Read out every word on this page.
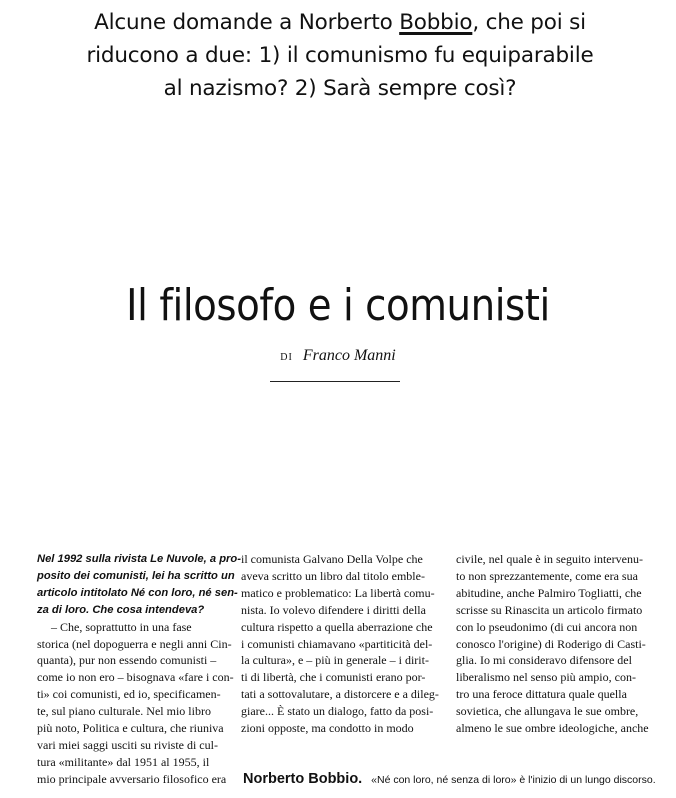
Alcune domande a Norberto Bobbio, che poi si
riducono a due: 1) il comunismo fu equiparabile
al nazismo? 2) Sarà sempre così?
Il filosofo e i comunisti
DI Franco Manni
Nel 1992 sulla rivista Le Nuvole, a pro-
posito dei comunisti, lei ha scritto un
articolo intitolato Né con loro, né sen-
za di loro. Che cosa intendeva?
– Che, soprattutto in una fase
storica (nel dopoguerra e negli anni Cin-
quanta), pur non essendo comunisti –
come io non ero – bisognava «fare i con-
ti» coi comunisti, ed io, specificamen-
te, sul piano culturale. Nel mio libro
più noto, Politica e cultura, che riuniva
vari miei saggi usciti su riviste di cul-
tura «militante» dal 1951 al 1955, il
mio principale avversario filosofico era
il comunista Galvano Della Volpe che
aveva scritto un libro dal titolo emble-
matico e problematico: La libertà comu-
nista. Io volevo difendere i diritti della
cultura rispetto a quella aberrazione che
i comunisti chiamavano «partiticità del-
la cultura», e – più in generale – i dirit-
ti di libertà, che i comunisti erano por-
tati a sottovalutare, a distorcere e a dileg-
giare... È stato un dialogo, fatto da posi-
zioni opposte, ma condotto in modo
civile, nel quale è in seguito intervenu-
to non sprezzantemente, come era sua
abitudine, anche Palmiro Togliatti, che
scrisse su Rinascita un articolo firmato
con lo pseudonimo (di cui ancora non
conosco l'origine) di Roderigo di Casti-
glia. Io mi consideravo difensore del
liberalismo nel senso più ampio, con-
tro una feroce dittatura quale quella
sovietica, che allungava le sue ombre,
almeno le sue ombre ideologiche, anche
Norberto Bobbio. «Né con loro, né senza di loro» è l'inizio di un lungo discorso.
